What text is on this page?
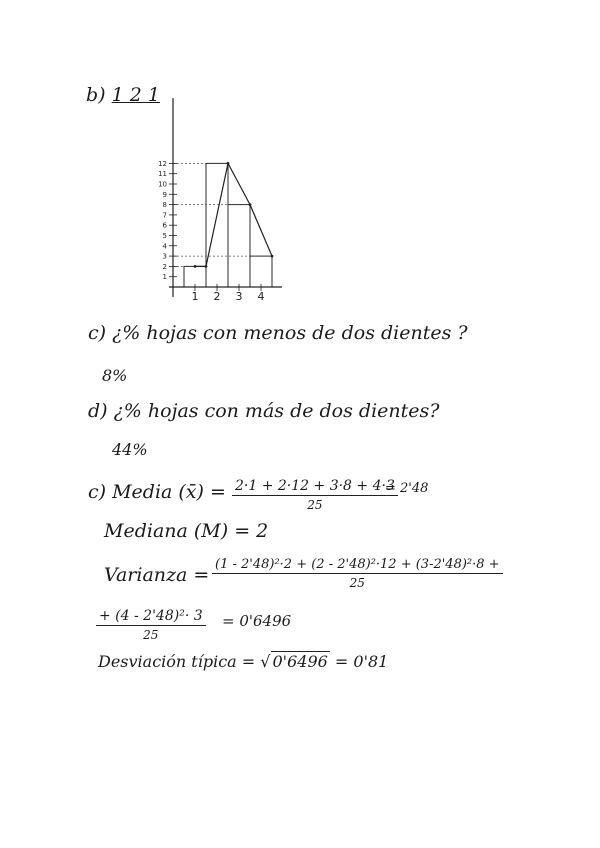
b) 1 2 1
1
2
3
4
5
6
7
8
9
10
11
12
1 2 3 4
c) ¿% hojas con menos de dos dientes ?
8%
d) ¿% hojas con más de dos dientes?
44%
c) Media (x̄) = $\frac{2\cdot 1 + 2\cdot 12 + 3\cdot 8 + 4\cdot 3}{25}$
= 2'48
Mediana (M) = 2
Varianza = $\frac{\text{(1 - 2'48)²·2 + (2 - 2'48)²·12 + (3-2'48)²·8 +}}{25}$
$\frac{\text{+ (4 - 2'48)²· 3}}{25} = 0'6496$
Desviación típica = √ 0'6496 = 0'81
